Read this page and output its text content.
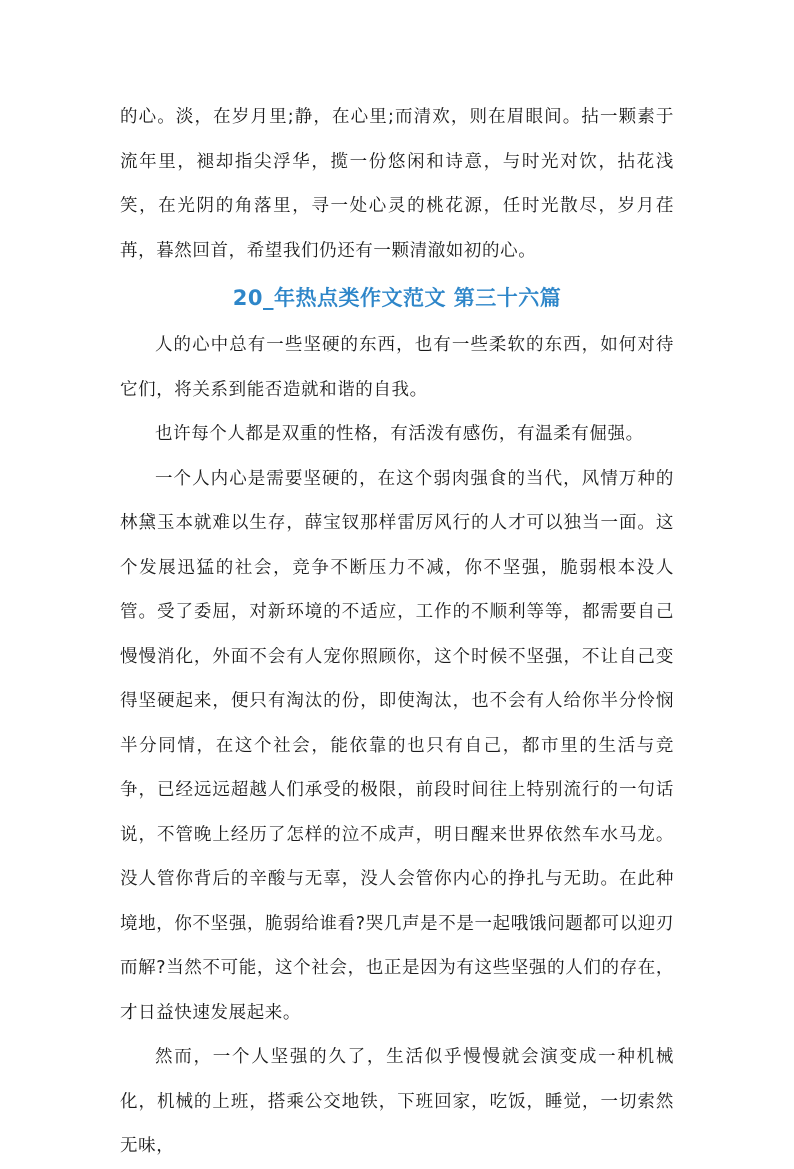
的心。淡，在岁月里;静，在心里;而清欢，则在眉眼间。拈一颗素于流年里，褪却指尖浮华，揽一份悠闲和诗意，与时光对饮，拈花浅笑，在光阴的角落里，寻一处心灵的桃花源，任时光散尽，岁月荏苒，暮然回首，希望我们仍还有一颗清澈如初的心。

20_年热点类作文范文 第三十六篇

人的心中总有一些坚硬的东西，也有一些柔软的东西，如何对待它们，将关系到能否造就和谐的自我。

也许每个人都是双重的性格，有活泼有感伤，有温柔有倔强。

一个人内心是需要坚硬的，在这个弱肉强食的当代，风情万种的林黛玉本就难以生存，薛宝钗那样雷厉风行的人才可以独当一面。这个发展迅猛的社会，竞争不断压力不减，你不坚强，脆弱根本没人管。受了委屈，对新环境的不适应，工作的不顺利等等，都需要自己慢慢消化，外面不会有人宠你照顾你，这个时候不坚强，不让自己变得坚硬起来，便只有淘汰的份，即使淘汰，也不会有人给你半分怜悯半分同情，在这个社会，能依靠的也只有自己，都市里的生活与竞争，已经远远超越人们承受的极限，前段时间往上特别流行的一句话说，不管晚上经历了怎样的泣不成声，明日醒来世界依然车水马龙。没人管你背后的辛酸与无辜，没人会管你内心的挣扎与无助。在此种境地，你不坚强，脆弱给谁看?哭几声是不是一起哦饿问题都可以迎刃而解?当然不可能，这个社会，也正是因为有这些坚强的人们的存在，才日益快速发展起来。

然而，一个人坚强的久了，生活似乎慢慢就会演变成一种机械化，机械的上班，搭乘公交地铁，下班回家，吃饭，睡觉，一切索然无味，
